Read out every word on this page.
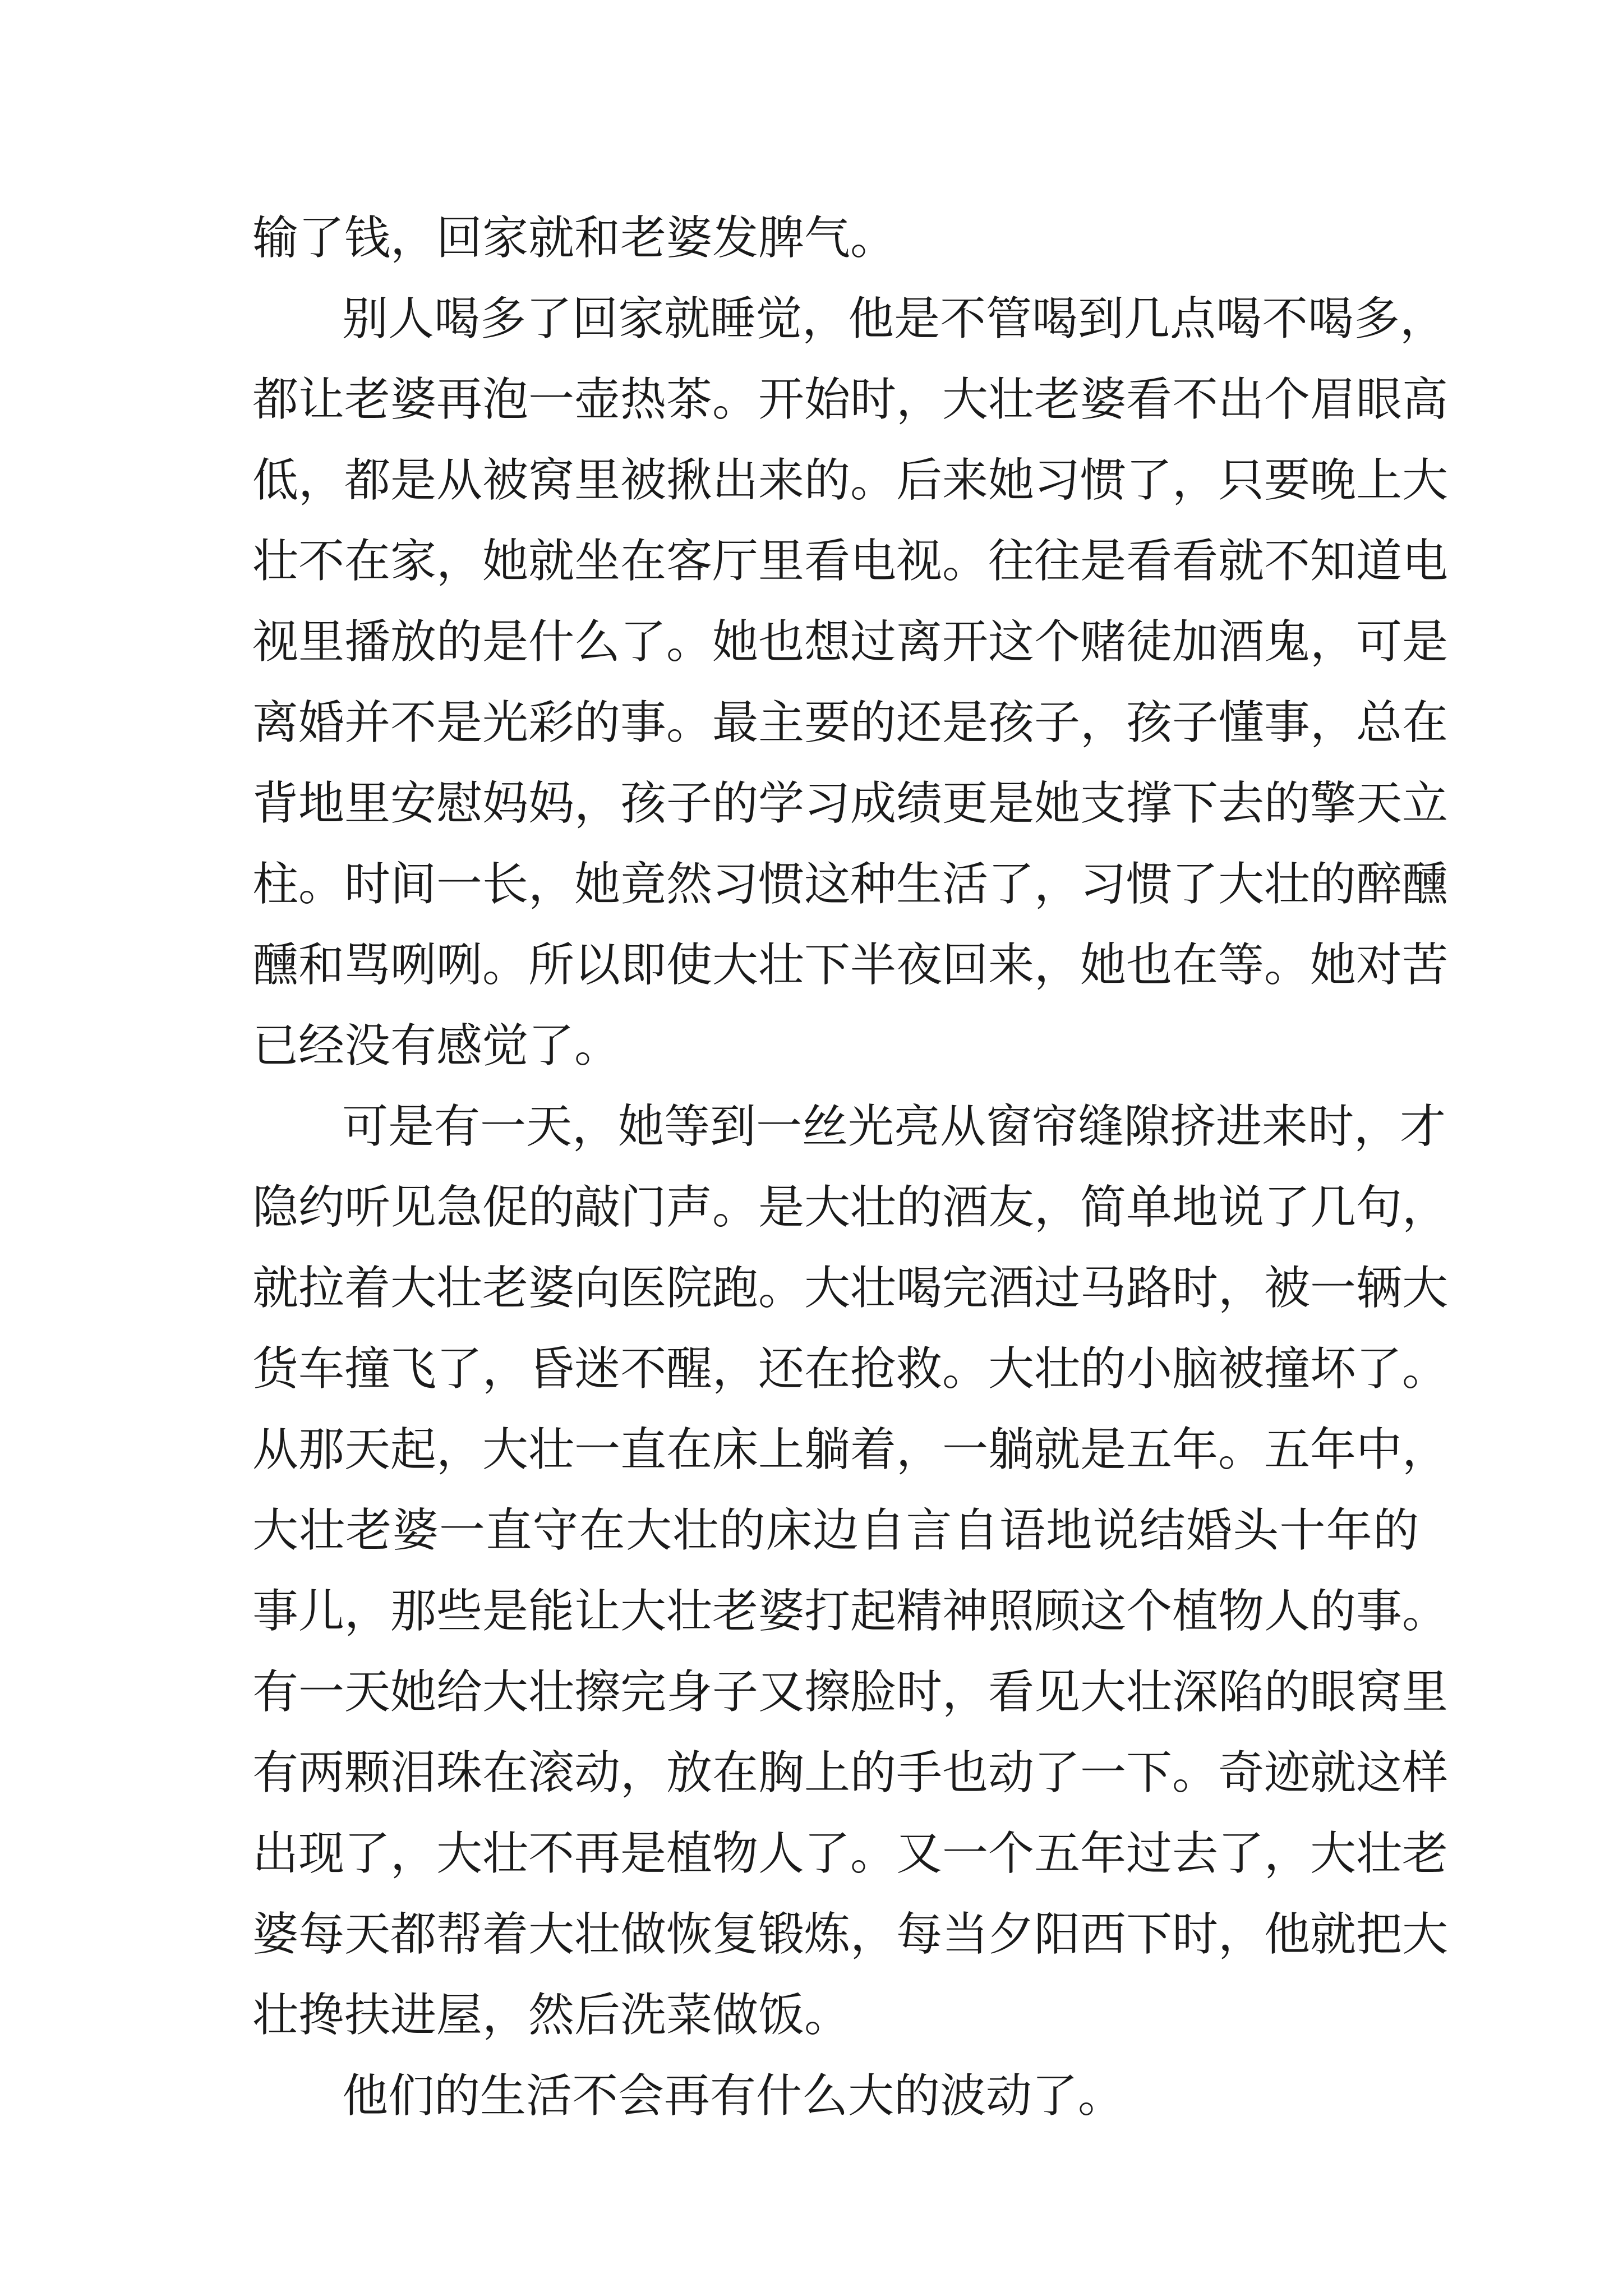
输了钱，回家就和老婆发脾气。
别人喝多了回家就睡觉，他是不管喝到几点喝不喝多，
都让老婆再泡一壶热茶。开始时，大壮老婆看不出个眉眼高
低，都是从被窝里被揪出来的。后来她习惯了，只要晚上大
壮不在家，她就坐在客厅里看电视。往往是看看就不知道电
视里播放的是什么了。她也想过离开这个赌徒加酒鬼，可是
离婚并不是光彩的事。最主要的还是孩子，孩子懂事，总在
背地里安慰妈妈，孩子的学习成绩更是她支撑下去的擎天立
柱。时间一长，她竟然习惯这种生活了，习惯了大壮的醉醺
醺和骂咧咧。所以即使大壮下半夜回来，她也在等。她对苦
已经没有感觉了。
可是有一天，她等到一丝光亮从窗帘缝隙挤进来时，才
隐约听见急促的敲门声。是大壮的酒友，简单地说了几句，
就拉着大壮老婆向医院跑。大壮喝完酒过马路时，被一辆大
货车撞飞了，昏迷不醒，还在抢救。大壮的小脑被撞坏了。
从那天起，大壮一直在床上躺着，一躺就是五年。五年中，
大壮老婆一直守在大壮的床边自言自语地说结婚头十年的
事儿，那些是能让大壮老婆打起精神照顾这个植物人的事。
有一天她给大壮擦完身子又擦脸时，看见大壮深陷的眼窝里
有两颗泪珠在滚动，放在胸上的手也动了一下。奇迹就这样
出现了，大壮不再是植物人了。又一个五年过去了，大壮老
婆每天都帮着大壮做恢复锻炼，每当夕阳西下时，他就把大
壮搀扶进屋，然后洗菜做饭。
他们的生活不会再有什么大的波动了。
